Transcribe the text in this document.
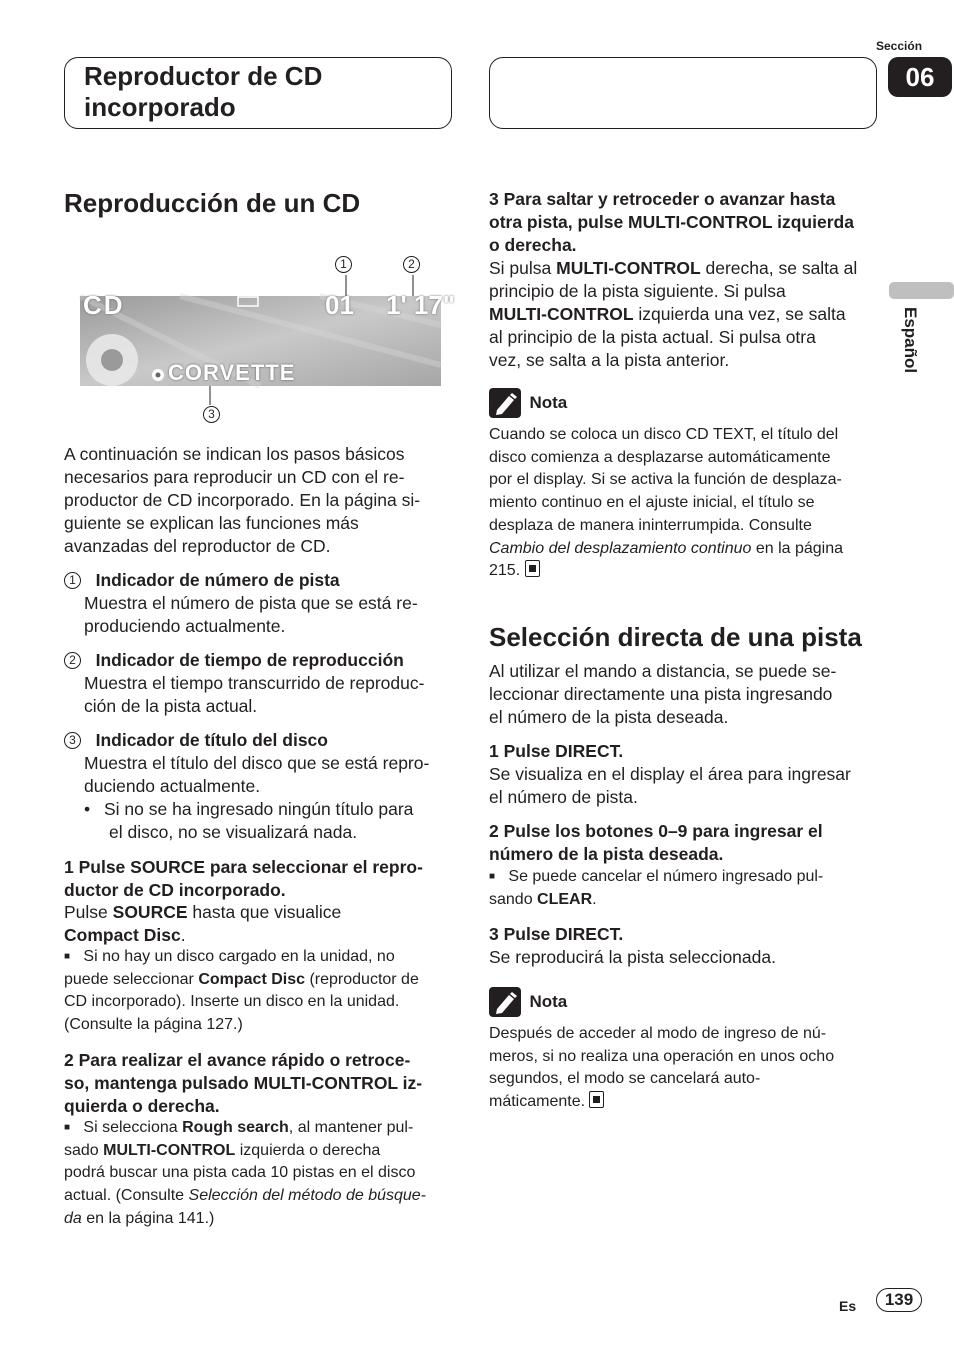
Reproductor de CD
incorporado
Sección
06
Español
Reproducción de un CD
1	2
CD	01 1' 17"
CORVETTE
3
A continuación se indican los pasos básicos
necesarios para reproducir un CD con el re-
productor de CD incorporado. En la página si-
guiente se explican las funciones más
avanzadas del reproductor de CD.
1 Indicador de número de pista
Muestra el número de pista que se está re-
produciendo actualmente.
2 Indicador de tiempo de reproducción
Muestra el tiempo transcurrido de reproduc-
ción de la pista actual.
3 Indicador de título del disco
Muestra el título del disco que se está repro-
duciendo actualmente.
• Si no se ha ingresado ningún título para
el disco, no se visualizará nada.
1 Pulse SOURCE para seleccionar el repro-
ductor de CD incorporado.
Pulse SOURCE hasta que visualice
Compact Disc.
■ Si no hay un disco cargado en la unidad, no
puede seleccionar Compact Disc (reproductor de
CD incorporado). Inserte un disco en la unidad.
(Consulte la página 127.)
2 Para realizar el avance rápido o retroce-
so, mantenga pulsado MULTI-CONTROL iz-
quierda o derecha.
■ Si selecciona Rough search, al mantener pul-
sado MULTI-CONTROL izquierda o derecha
podrá buscar una pista cada 10 pistas en el disco
actual. (Consulte Selección del método de búsque-
da en la página 141.)
3 Para saltar y retroceder o avanzar hasta
otra pista, pulse MULTI-CONTROL izquierda
o derecha.
Si pulsa MULTI-CONTROL derecha, se salta al
principio de la pista siguiente. Si pulsa
MULTI-CONTROL izquierda una vez, se salta
al principio de la pista actual. Si pulsa otra
vez, se salta a la pista anterior.
Nota
Cuando se coloca un disco CD TEXT, el título del
disco comienza a desplazarse automáticamente
por el display. Si se activa la función de desplaza-
miento continuo en el ajuste inicial, el título se
desplaza de manera ininterrumpida. Consulte
Cambio del desplazamiento continuo en la página
215.
Selección directa de una pista
Al utilizar el mando a distancia, se puede se-
leccionar directamente una pista ingresando
el número de la pista deseada.
1 Pulse DIRECT.
Se visualiza en el display el área para ingresar
el número de pista.
2 Pulse los botones 0–9 para ingresar el
número de la pista deseada.
■ Se puede cancelar el número ingresado pul-
sando CLEAR.
3 Pulse DIRECT.
Se reproducirá la pista seleccionada.
Nota
Después de acceder al modo de ingreso de nú-
meros, si no realiza una operación en unos ocho
segundos, el modo se cancelará auto-
máticamente.
Es	139
